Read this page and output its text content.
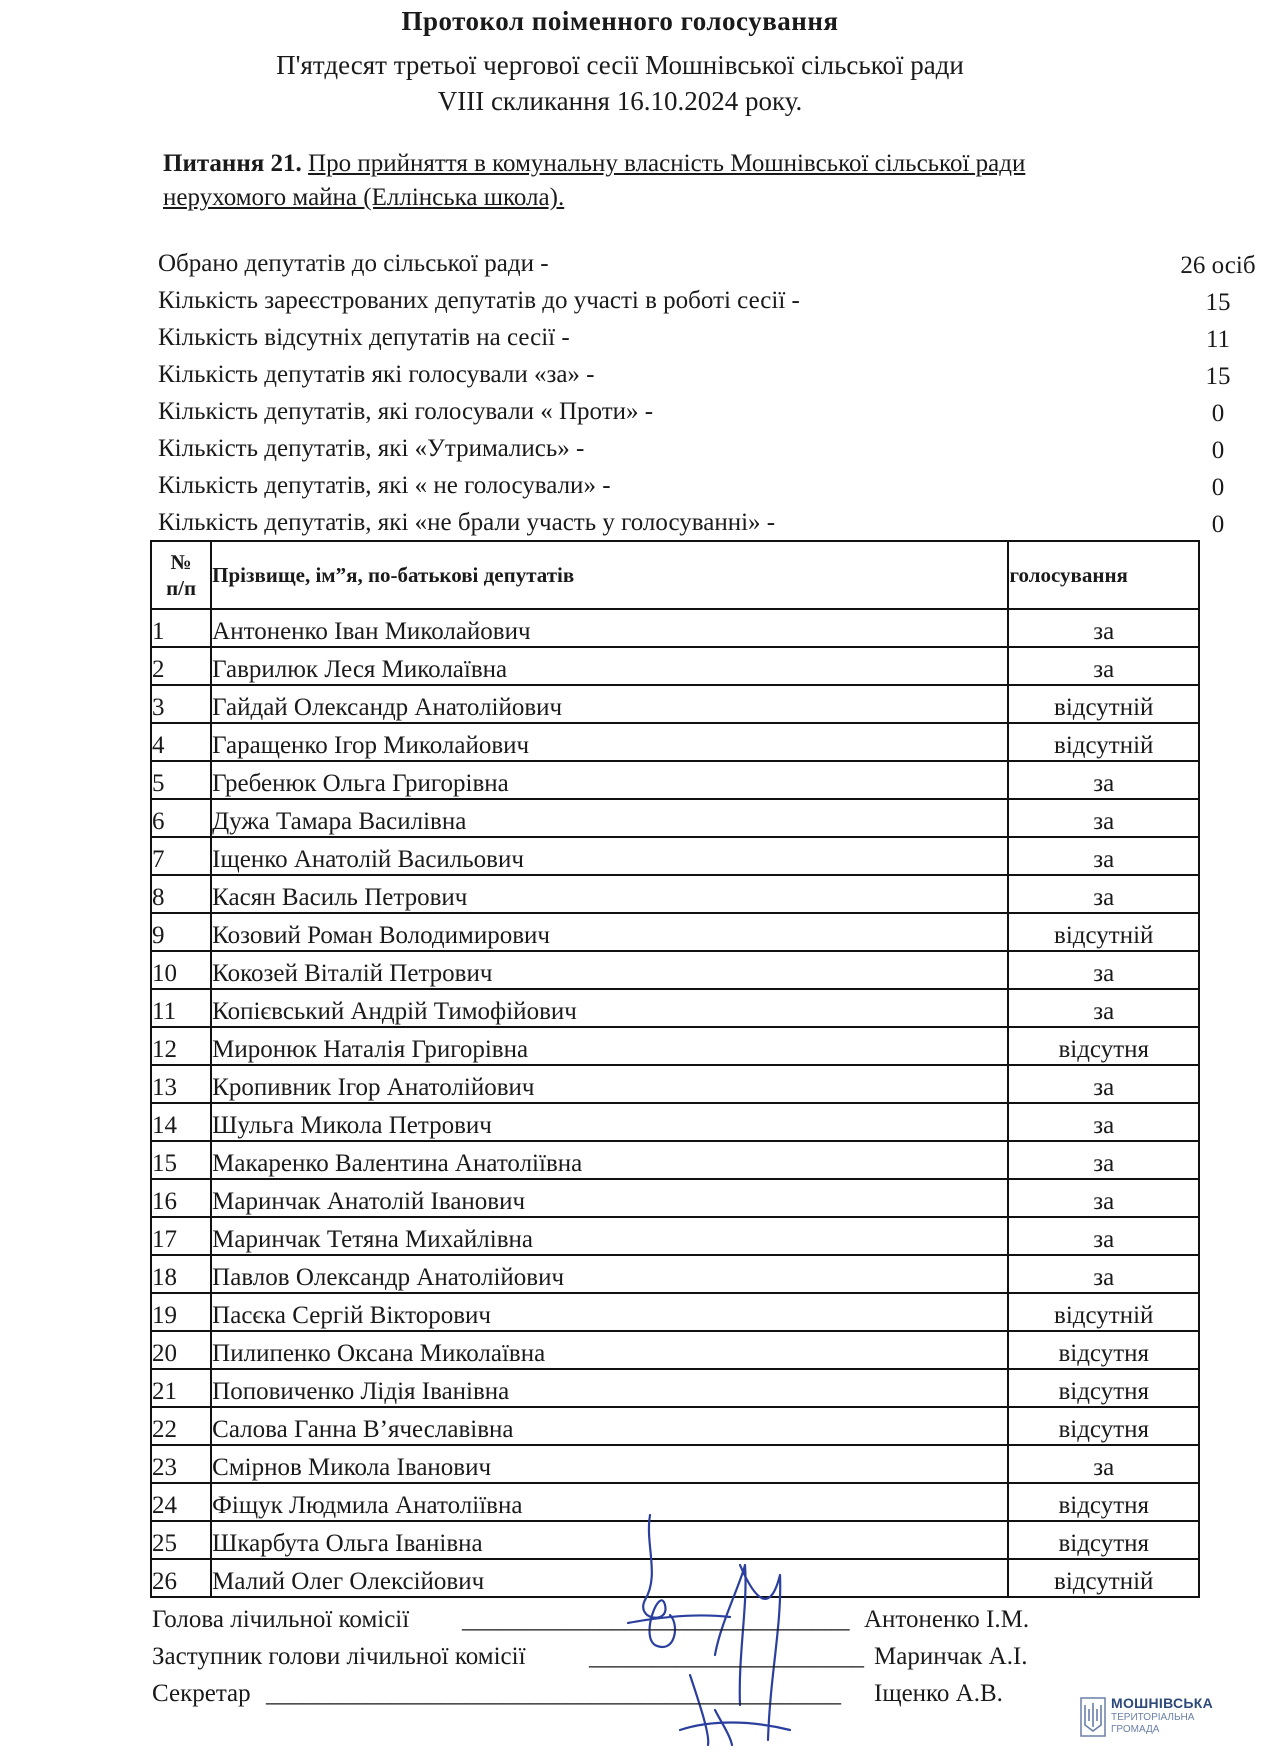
Протокол поіменного голосування
П'ятдесят третьої чергової сесії Мошнівської сільської ради
VIII скликання 16.10.2024 року.
Питання 21. Про прийняття в комунальну власність Мошнівської сільської ради
нерухомого майна (Еллінська школа).
Обрано депутатів до сільської ради -	26 осіб
Кількість зареєстрованих депутатів до участі в роботі сесії -	15
Кількість відсутніх депутатів на сесії -	11
Кількість депутатів які голосували «за» -	15
Кількість депутатів, які голосували « Проти» -	0
Кількість депутатів, які «Утримались» -	0
Кількість депутатів, які « не голосували» -	0
Кількість депутатів, які «не брали участь у голосуванні» -	0
№
п/п	Прізвище, ім”я, по-батькові депутатів	голосування
1	Антоненко Іван Миколайович	за
2	Гаврилюк Леся Миколаївна	за
3	Гайдай Олександр Анатолійович	відсутній
4	Гаращенко Ігор Миколайович	відсутній
5	Гребенюк Ольга Григорівна	за
6	Дужа Тамара Василівна	за
7	Іщенко Анатолій Васильович	за
8	Касян Василь Петрович	за
9	Козовий Роман Володимирович	відсутній
10	Кокозей Віталій Петрович	за
11	Копієвський Андрій Тимофійович	за
12	Миронюк Наталія Григорівна	відсутня
13	Кропивник Ігор Анатолійович	за
14	Шульга Микола Петрович	за
15	Макаренко Валентина Анатоліївна	за
16	Маринчак Анатолій Іванович	за
17	Маринчак Тетяна Михайлівна	за
18	Павлов Олександр Анатолійович	за
19	Пасєка Сергій Вікторович	відсутній
20	Пилипенко Оксана Миколаївна	відсутня
21	Поповиченко Лідія Іванівна	відсутня
22	Салова Ганна В’ячеславівна	відсутня
23	Смірнов Микола Іванович	за
24	Фіщук Людмила Анатоліївна	відсутня
25	Шкарбута Ольга Іванівна	відсутня
26	Малий Олег Олексійович	відсутній
Голова лічильної комісії _______________________________ Антоненко І.М.
Заступник голови лічильної комісії	______________________ Маринчак А.І.
Секретар ______________________________________________ Іщенко А.В.	МОШНІВСЬКА
ТЕРИТОРІАЛЬНА
ГРОМАДА
